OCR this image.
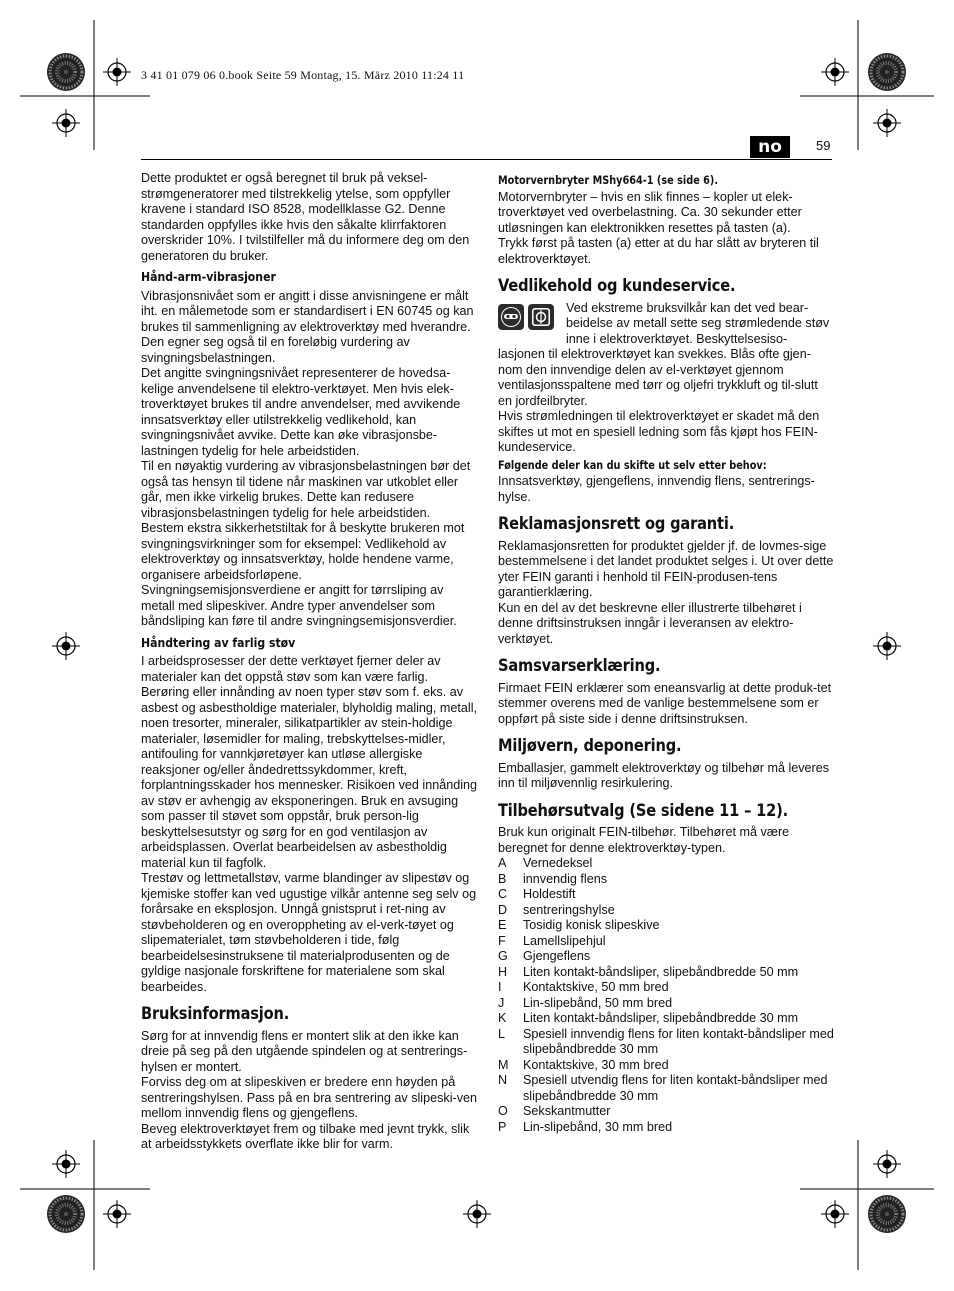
3 41 01 079 06 0.book Seite 59 Montag, 15. März 2010 11:24 11
no	59

Dette produktet er også beregnet til bruk på veksel-strømgeneratorer med tilstrekkelig ytelse, som oppfyller kravene i standard ISO 8528, modellklasse G2. Denne standarden oppfylles ikke hvis den såkalte klirrfaktoren overskrider 10%. I tvilstilfeller må du informere deg om den generatoren du bruker.

Hånd-arm-vibrasjoner

Vibrasjonsnivået som er angitt i disse anvisningene er målt iht. en målemetode som er standardisert i EN 60745 og kan brukes til sammenligning av elektroverktøy med hverandre. Den egner seg også til en foreløbig vurdering av svingningsbelastningen.

Det angitte svingningsnivået representerer de hovedsa-kelige anvendelsene til elektro-verktøyet. Men hvis elek-troverktøyet brukes til andre anvendelser, med avvikende innsatsverktøy eller utilstrekkelig vedlikehold, kan svingningsnivået avvike. Dette kan øke vibrasjonsbe-lastningen tydelig for hele arbeidstiden.

Til en nøyaktig vurdering av vibrasjonsbelastningen bør det også tas hensyn til tidene når maskinen var utkoblet eller går, men ikke virkelig brukes. Dette kan redusere vibrasjonsbelastningen tydelig for hele arbeidstiden.

Bestem ekstra sikkerhetstiltak for å beskytte brukeren mot svingningsvirkninger som for eksempel: Vedlikehold av elektroverktøy og innsatsverktøy, holde hendene varme, organisere arbeidsforløpene.

Svingningsemisjonsverdiene er angitt for tørrsliping av metall med slipeskiver. Andre typer anvendelser som båndsliping kan føre til andre svingningsemisjonsverdier.

Håndtering av farlig støv

I arbeidsprosesser der dette verktøyet fjerner deler av materialer kan det oppstå støv som kan være farlig. Berøring eller innånding av noen typer støv som f. eks. av asbest og asbestholdige materialer, blyholdig maling, metall, noen tresorter, mineraler, silikatpartikler av stein-holdige materialer, løsemidler for maling, trebskyttelses-midler, antifouling for vannkjøretøyer kan utløse allergiske reaksjoner og/eller åndedrettssykdommer, kreft, forplantningsskader hos mennesker. Risikoen ved innånding av støv er avhengig av eksponeringen. Bruk en avsuging som passer til støvet som oppstår, bruk person-lig beskyttelsesutstyr og sørg for en god ventilasjon av arbeidsplassen. Overlat bearbeidelsen av asbestholdig material kun til fagfolk.

Trestøv og lettmetallstøv, varme blandinger av slipestøv og kjemiske stoffer kan ved ugustige vilkår antenne seg selv og forårsake en eksplosjon. Unngå gnistsprut i ret-ning av støvbeholderen og en overoppheting av el-verk-tøyet og slipematerialet, tøm støvbeholderen i tide, følg bearbeidelsesinstruksene til materialprodusenten og de gyldige nasjonale forskriftene for materialene som skal bearbeides.

Bruksinformasjon.

Sørg for at innvendig flens er montert slik at den ikke kan dreie på seg på den utgående spindelen og at sentrerings-hylsen er montert.

Forviss deg om at slipeskiven er bredere enn høyden på sentreringshylsen. Pass på en bra sentrering av slipeski-ven mellom innvendig flens og gjengeflens.

Beveg elektroverktøyet frem og tilbake med jevnt trykk, slik at arbeidsstykkets overflate ikke blir for varm.

Motorvernbryter MShy664-1 (se side 6).

Motorvernbryter – hvis en slik finnes – kopler ut elek-troverktøyet ved overbelastning. Ca. 30 sekunder etter utløsningen kan elektronikken resettes på tasten (a).

Trykk først på tasten (a) etter at du har slått av bryteren til elektroverktøyet.

Vedlikehold og kundeservice.

Ved ekstreme bruksvilkår kan det ved bear-beidelse av metall sette seg strømledende støv inne i elektroverktøyet. Beskyttelsesiso-lasjonen til elektroverktøyet kan svekkes. Blås ofte gjen-nom den innvendige delen av el-verktøyet gjennom ventilasjonsspaltene med tørr og oljefri trykkluft og til-slutt en jordfeilbryter.

Hvis strømledningen til elektroverktøyet er skadet må den skiftes ut mot en spesiell ledning som fås kjøpt hos FEIN-kundeservice.

Følgende deler kan du skifte ut selv etter behov:

Innsatsverktøy, gjengeflens, innvendig flens, sentrerings-hylse.

Reklamasjonsrett og garanti.

Reklamasjonsretten for produktet gjelder jf. de lovmes-sige bestemmelsene i det landet produktet selges i. Ut over dette yter FEIN garanti i henhold til FEIN-produsen-tens garantierklæring.

Kun en del av det beskrevne eller illustrerte tilbehøret i denne driftsinstruksen inngår i leveransen av elektro-verktøyet.

Samsvarserklæring.

Firmaet FEIN erklærer som eneansvarlig at dette produk-tet stemmer overens med de vanlige bestemmelsene som er oppført på siste side i denne driftsinstruksen.

Miljøvern, deponering.

Emballasjer, gammelt elektroverktøy og tilbehør må leveres inn til miljøvennlig resirkulering.

Tilbehørsutvalg (Se sidene 11 – 12).

Bruk kun originalt FEIN-tilbehør. Tilbehøret må være beregnet for denne elektroverktøy-typen.

A	Vernedeksel
B	innvendig flens
C	Holdestift
D	sentreringshylse
E	Tosidig konisk slipeskive
F	Lamellslipehjul
G	Gjengeflens
H	Liten kontakt-båndsliper, slipebåndbredde 50 mm
I	Kontaktskive, 50 mm bred
J	Lin-slipebånd, 50 mm bred
K	Liten kontakt-båndsliper, slipebåndbredde 30 mm
L	Spesiell innvendig flens for liten kontakt-båndsliper med slipebåndbredde 30 mm
M	Kontaktskive, 30 mm bred
N	Spesiell utvendig flens for liten kontakt-båndsliper med slipebåndbredde 30 mm
O	Sekskantmutter
P	Lin-slipebånd, 30 mm bred
